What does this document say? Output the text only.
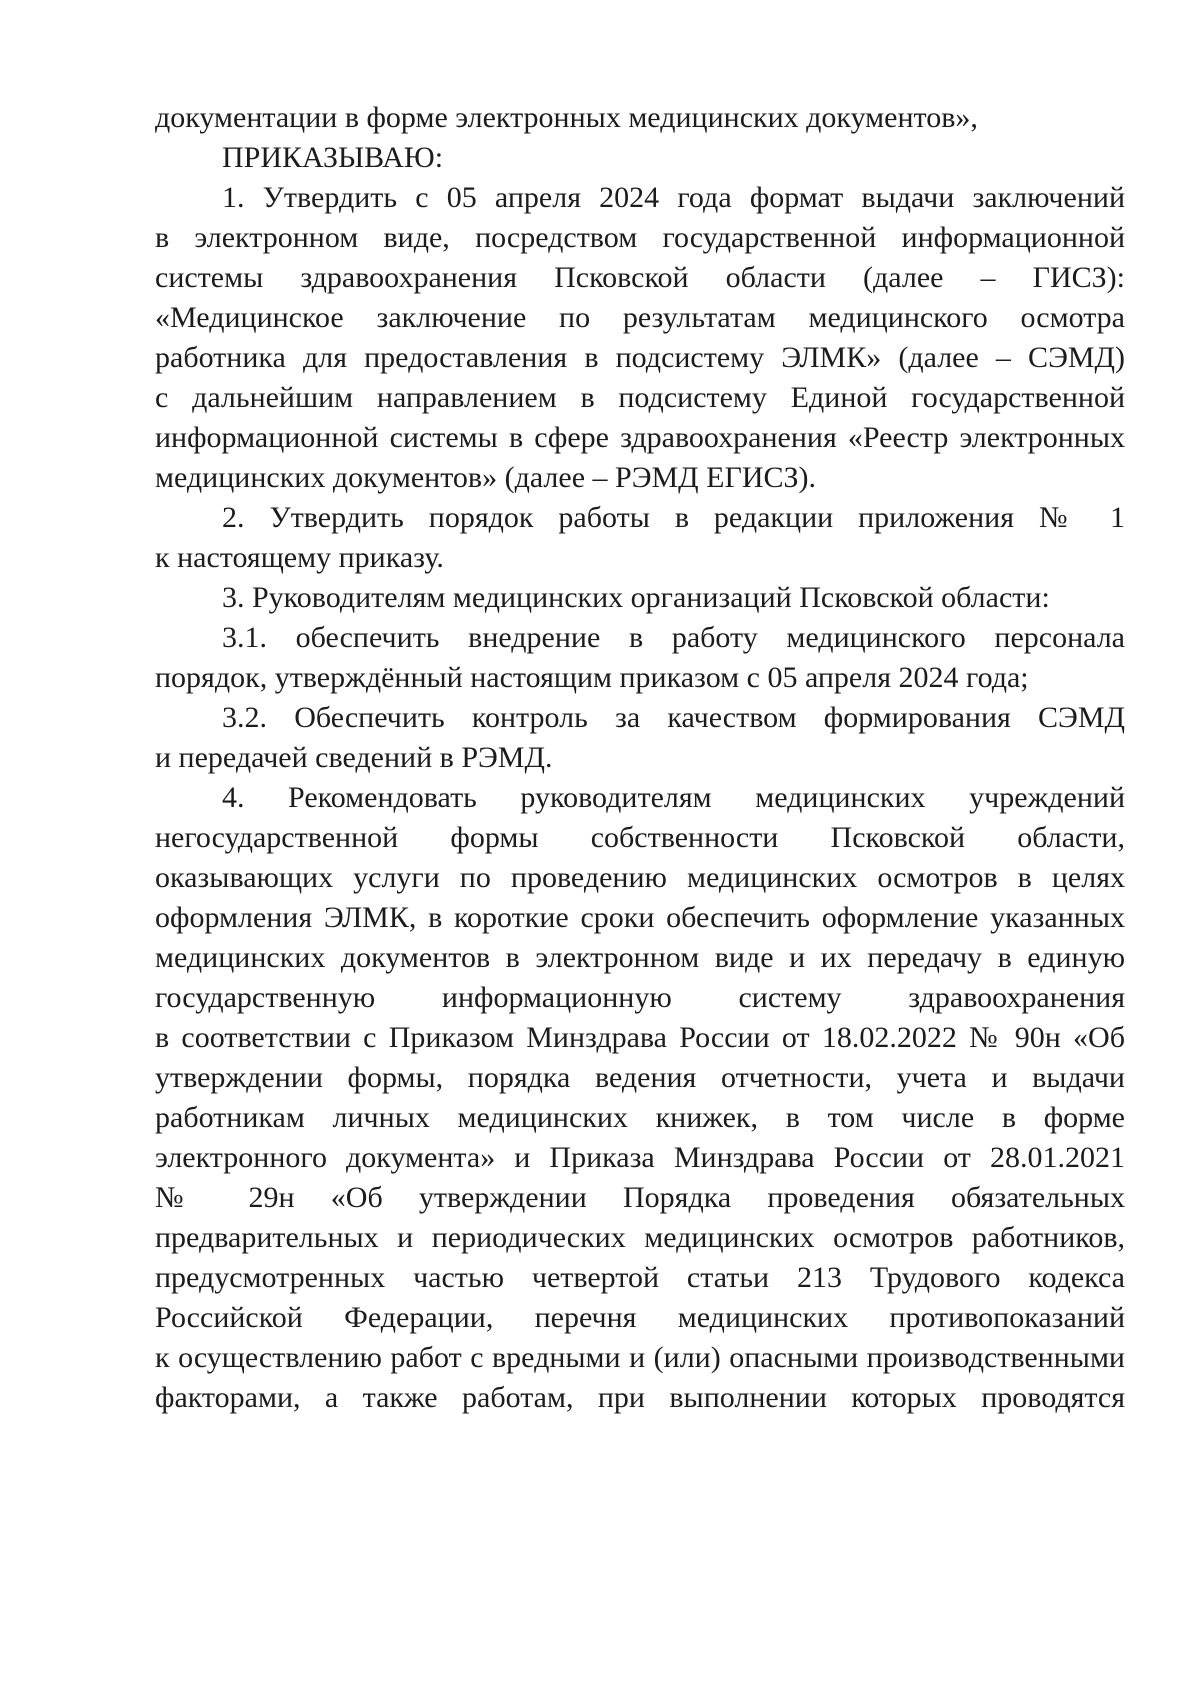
документации в форме электронных медицинских документов»,
ПРИКАЗЫВАЮ:
1. Утвердить с 05 апреля 2024 года формат выдачи заключений
в электронном виде, посредством государственной информационной
системы здравоохранения Псковской области (далее – ГИСЗ):
«Медицинское заключение по результатам медицинского осмотра
работника для предоставления в подсистему ЭЛМК» (далее – СЭМД)
с дальнейшим направлением в подсистему Единой государственной
информационной системы в сфере здравоохранения «Реестр электронных
медицинских документов» (далее – РЭМД ЕГИСЗ).
2. Утвердить порядок работы в редакции приложения № 1
к настоящему приказу.
3. Руководителям медицинских организаций Псковской области:
3.1. обеспечить внедрение в работу медицинского персонала
порядок, утверждённый настоящим приказом с 05 апреля 2024 года;
3.2. Обеспечить контроль за качеством формирования СЭМД
и передачей сведений в РЭМД.
4. Рекомендовать руководителям медицинских учреждений
негосударственной формы собственности Псковской области,
оказывающих услуги по проведению медицинских осмотров в целях
оформления ЭЛМК, в короткие сроки обеспечить оформление указанных
медицинских документов в электронном виде и их передачу в единую
государственную информационную систему здравоохранения
в соответствии с Приказом Минздрава России от 18.02.2022 № 90н «Об
утверждении формы, порядка ведения отчетности, учета и выдачи
работникам личных медицинских книжек, в том числе в форме
электронного документа» и Приказа Минздрава России от 28.01.2021
№ 29н «Об утверждении Порядка проведения обязательных
предварительных и периодических медицинских осмотров работников,
предусмотренных частью четвертой статьи 213 Трудового кодекса
Российской Федерации, перечня медицинских противопоказаний
к осуществлению работ с вредными и (или) опасными производственными
факторами, а также работам, при выполнении которых проводятся
